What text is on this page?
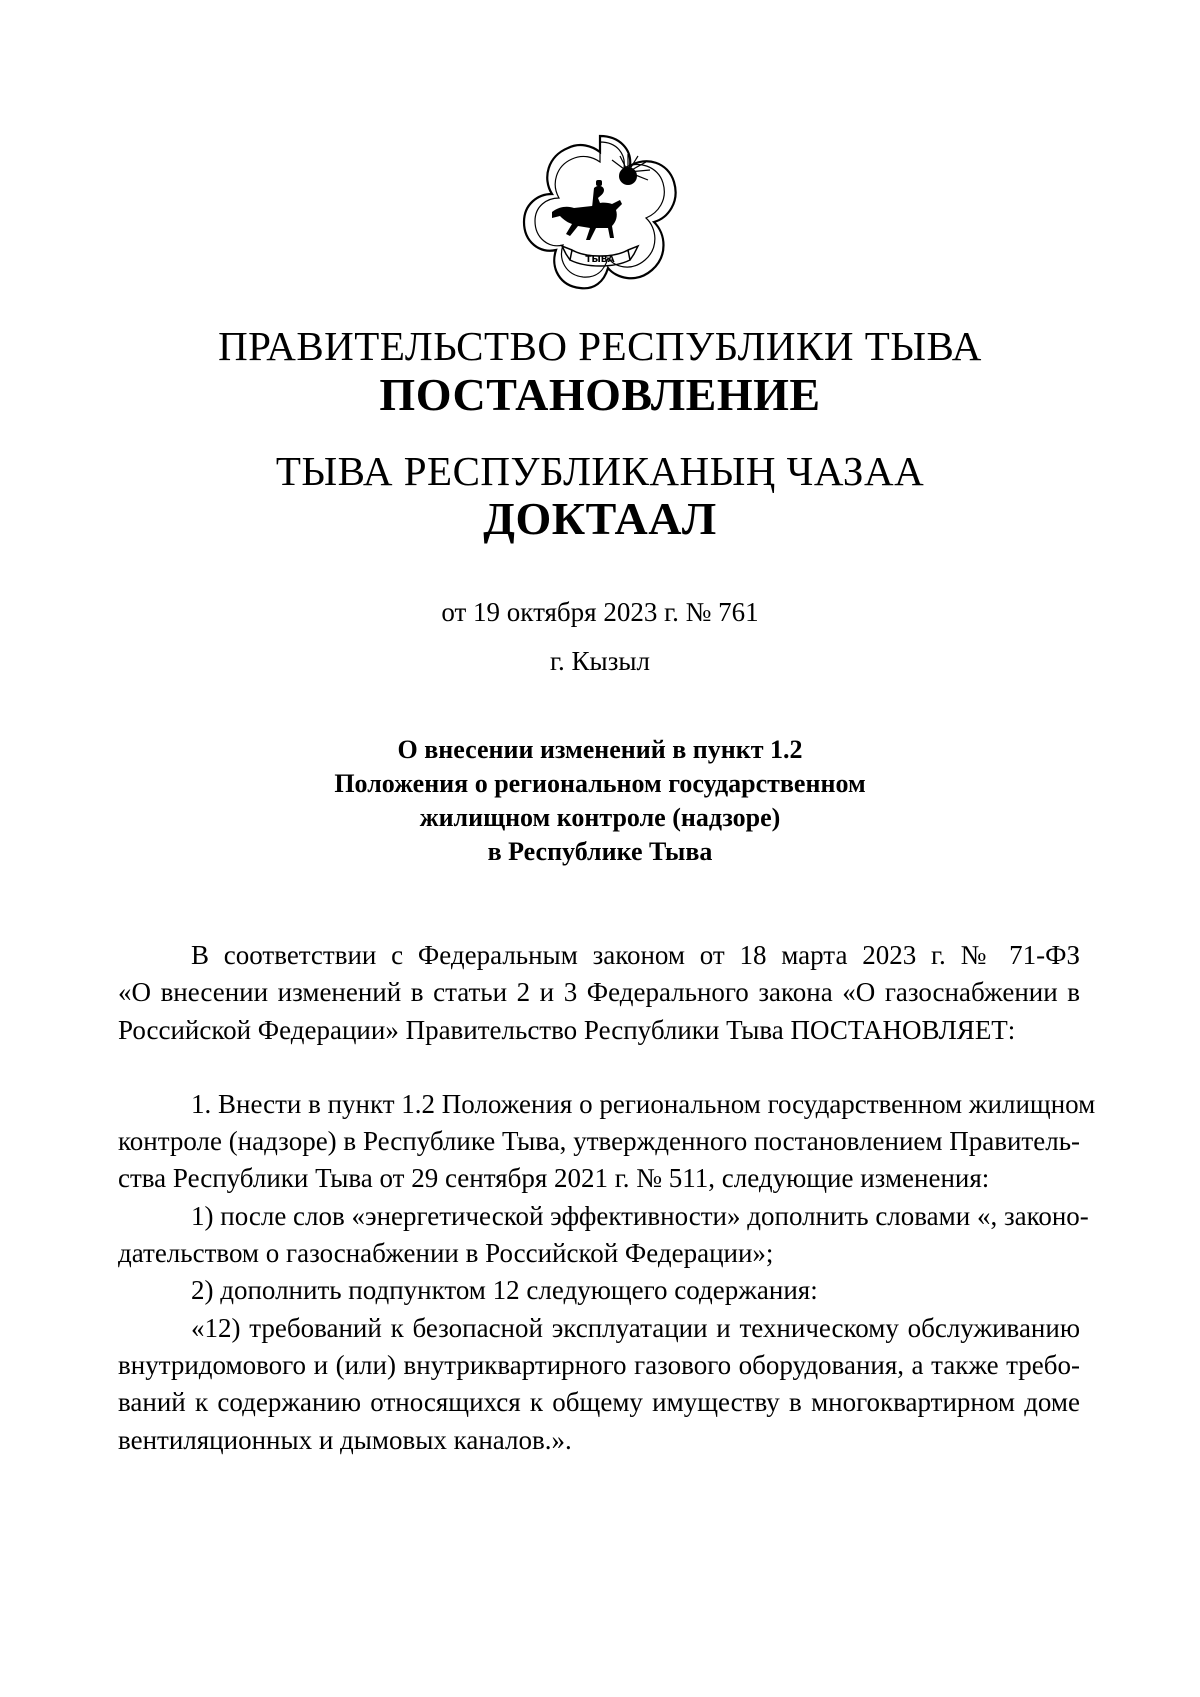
ТЫВА
ПРАВИТЕЛЬСТВО РЕСПУБЛИКИ ТЫВА
ПОСТАНОВЛЕНИЕ
ТЫВА РЕСПУБЛИКАНЫҢ ЧАЗАА
ДОКТААЛ
от 19 октября 2023 г. № 761
г. Кызыл
О внесении изменений в пункт 1.2
Положения о региональном государственном
жилищном контроле (надзоре)
в Республике Тыва
В соответствии с Федеральным законом от 18 марта 2023 г. № 71-ФЗ
«О внесении изменений в статьи 2 и 3 Федерального закона «О газоснабжении в
Российской Федерации» Правительство Республики Тыва ПОСТАНОВЛЯЕТ:
1. Внести в пункт 1.2 Положения о региональном государственном жилищном
контроле (надзоре) в Республике Тыва, утвержденного постановлением Правитель-
ства Республики Тыва от 29 сентября 2021 г. № 511, следующие изменения:
1) после слов «энергетической эффективности» дополнить словами «, законо-
дательством о газоснабжении в Российской Федерации»;
2) дополнить подпунктом 12 следующего содержания:
«12) требований к безопасной эксплуатации и техническому обслуживанию
внутридомового и (или) внутриквартирного газового оборудования, а также требо-
ваний к содержанию относящихся к общему имуществу в многоквартирном доме
вентиляционных и дымовых каналов.».
